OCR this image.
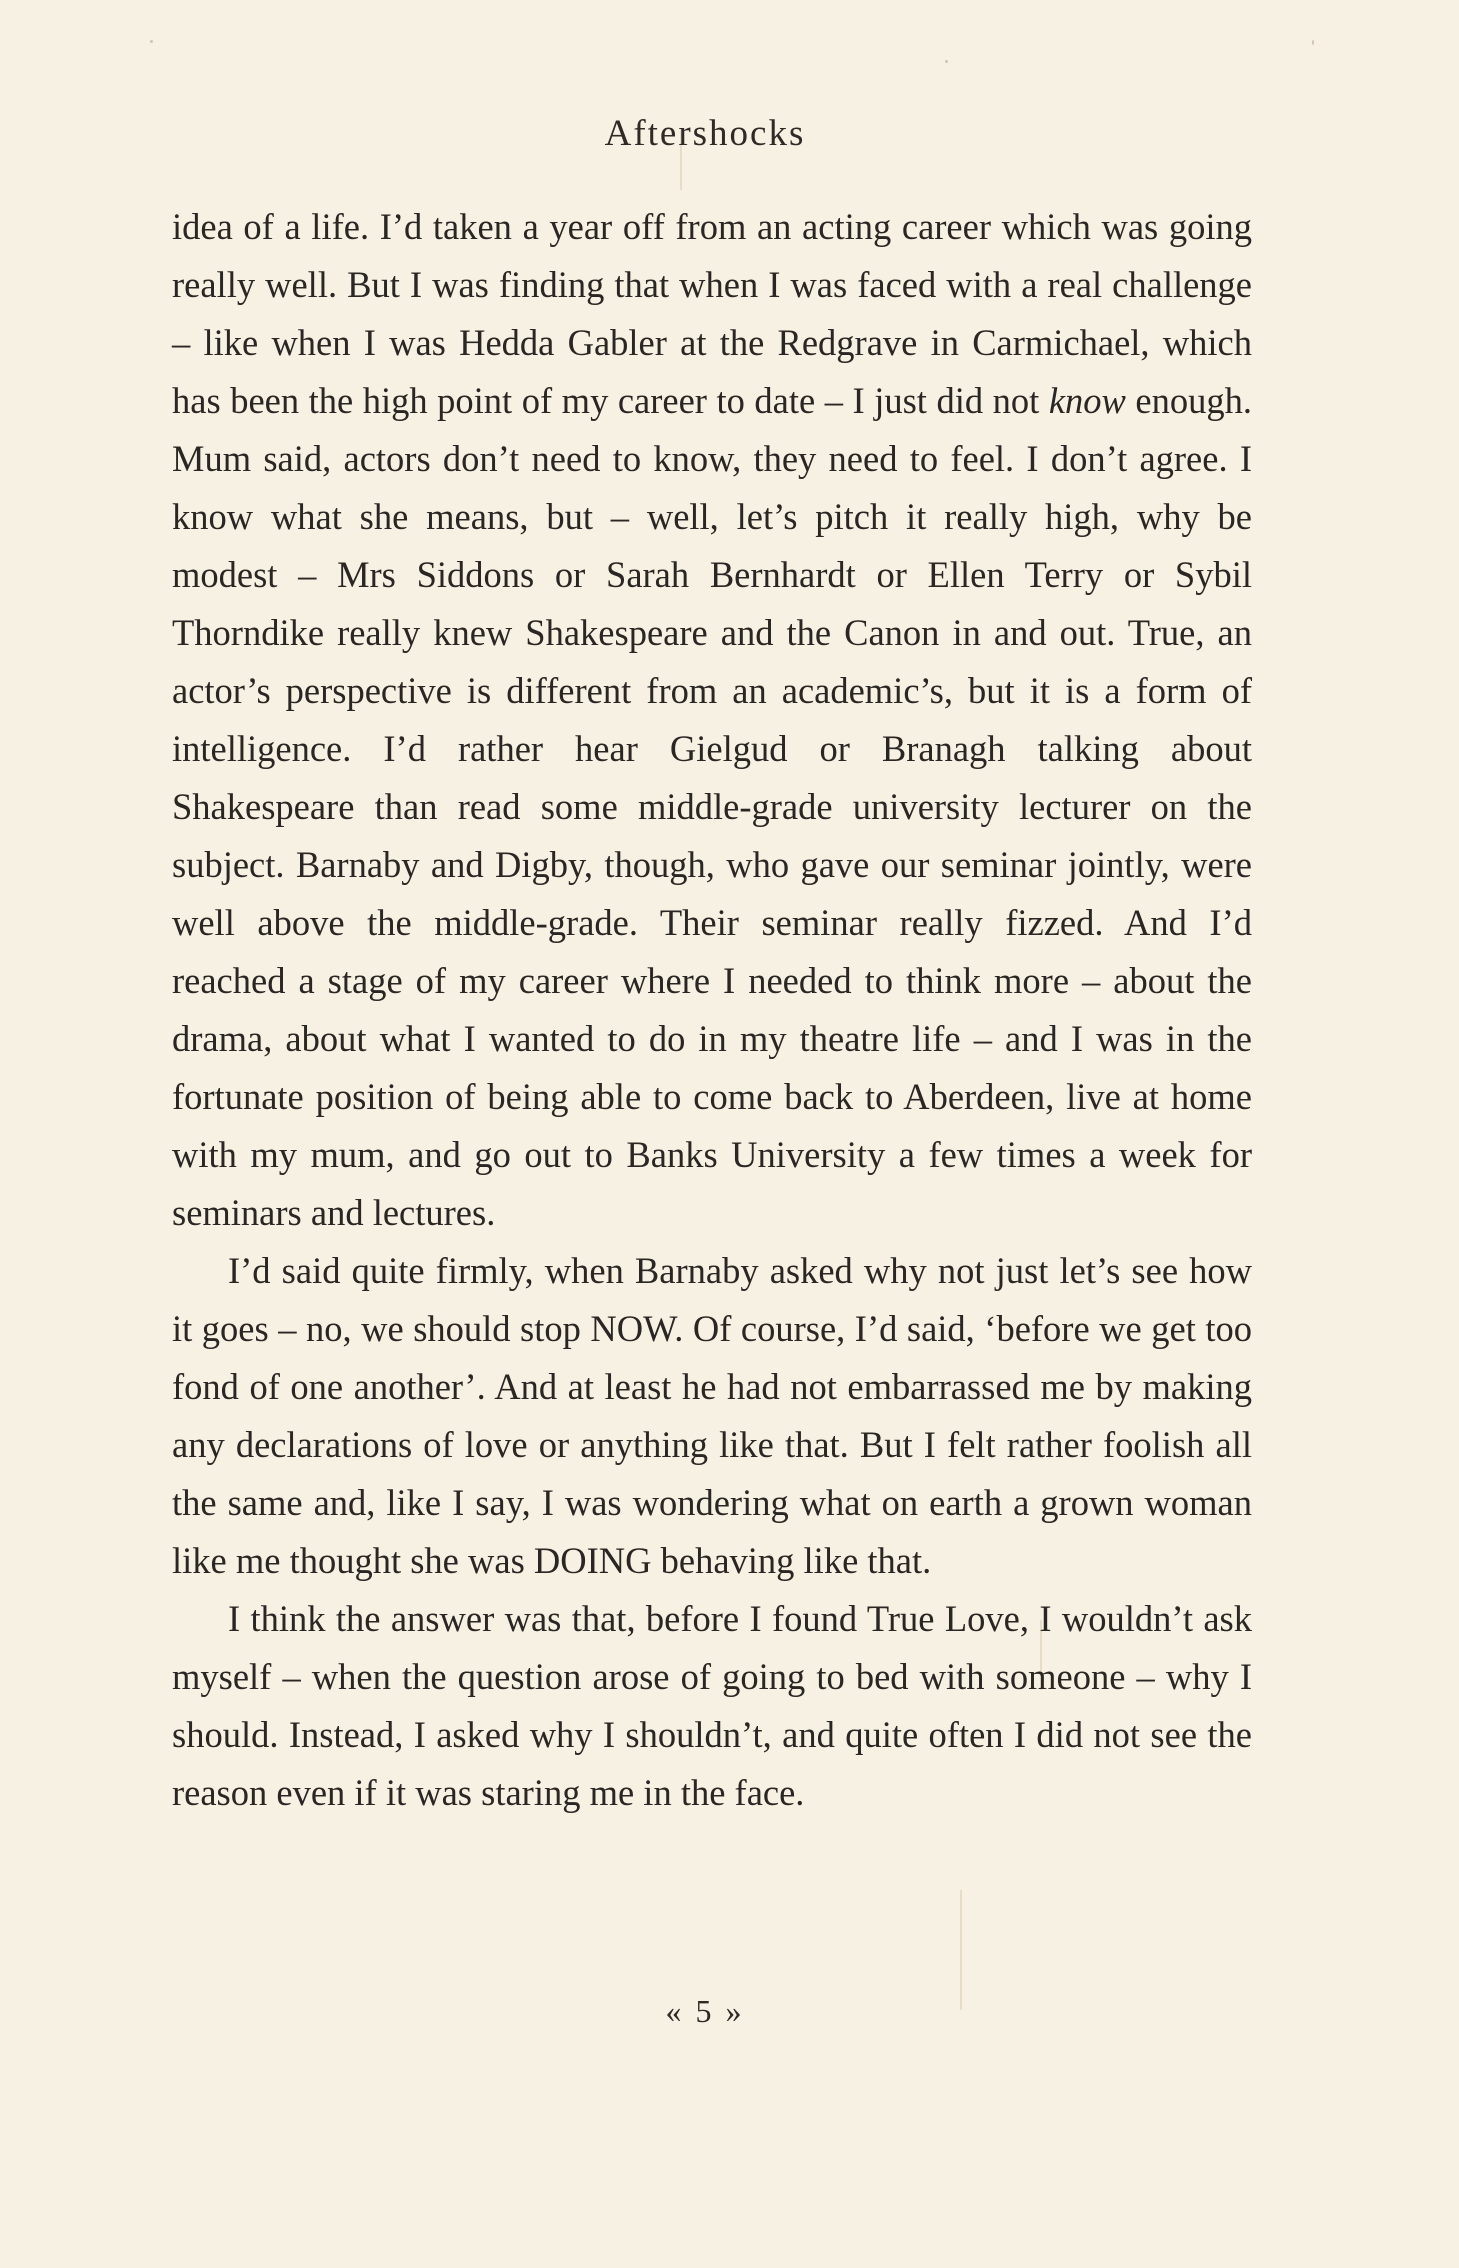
Aftershocks

idea of a life. I’d taken a year off from an acting career which was going really well. But I was finding that when I was faced with a real challenge – like when I was Hedda Gabler at the Redgrave in Carmichael, which has been the high point of my career to date – I just did not know enough. Mum said, actors don’t need to know, they need to feel. I don’t agree. I know what she means, but – well, let’s pitch it really high, why be modest – Mrs Siddons or Sarah Bernhardt or Ellen Terry or Sybil Thorndike really knew Shakespeare and the Canon in and out. True, an actor’s perspective is different from an academic’s, but it is a form of intelligence. I’d rather hear Gielgud or Branagh talking about Shakespeare than read some middle-grade university lecturer on the subject. Barnaby and Digby, though, who gave our seminar jointly, were well above the middle-grade. Their seminar really fizzed. And I’d reached a stage of my career where I needed to think more – about the drama, about what I wanted to do in my theatre life – and I was in the fortunate position of being able to come back to Aberdeen, live at home with my mum, and go out to Banks University a few times a week for seminars and lectures.

I’d said quite firmly, when Barnaby asked why not just let’s see how it goes – no, we should stop NOW. Of course, I’d said, ‘before we get too fond of one another’. And at least he had not embarrassed me by making any declarations of love or anything like that. But I felt rather foolish all the same and, like I say, I was wondering what on earth a grown woman like me thought she was DOING behaving like that.

I think the answer was that, before I found True Love, I wouldn’t ask myself – when the question arose of going to bed with someone – why I should. Instead, I asked why I shouldn’t, and quite often I did not see the reason even if it was staring me in the face.

« 5 »
